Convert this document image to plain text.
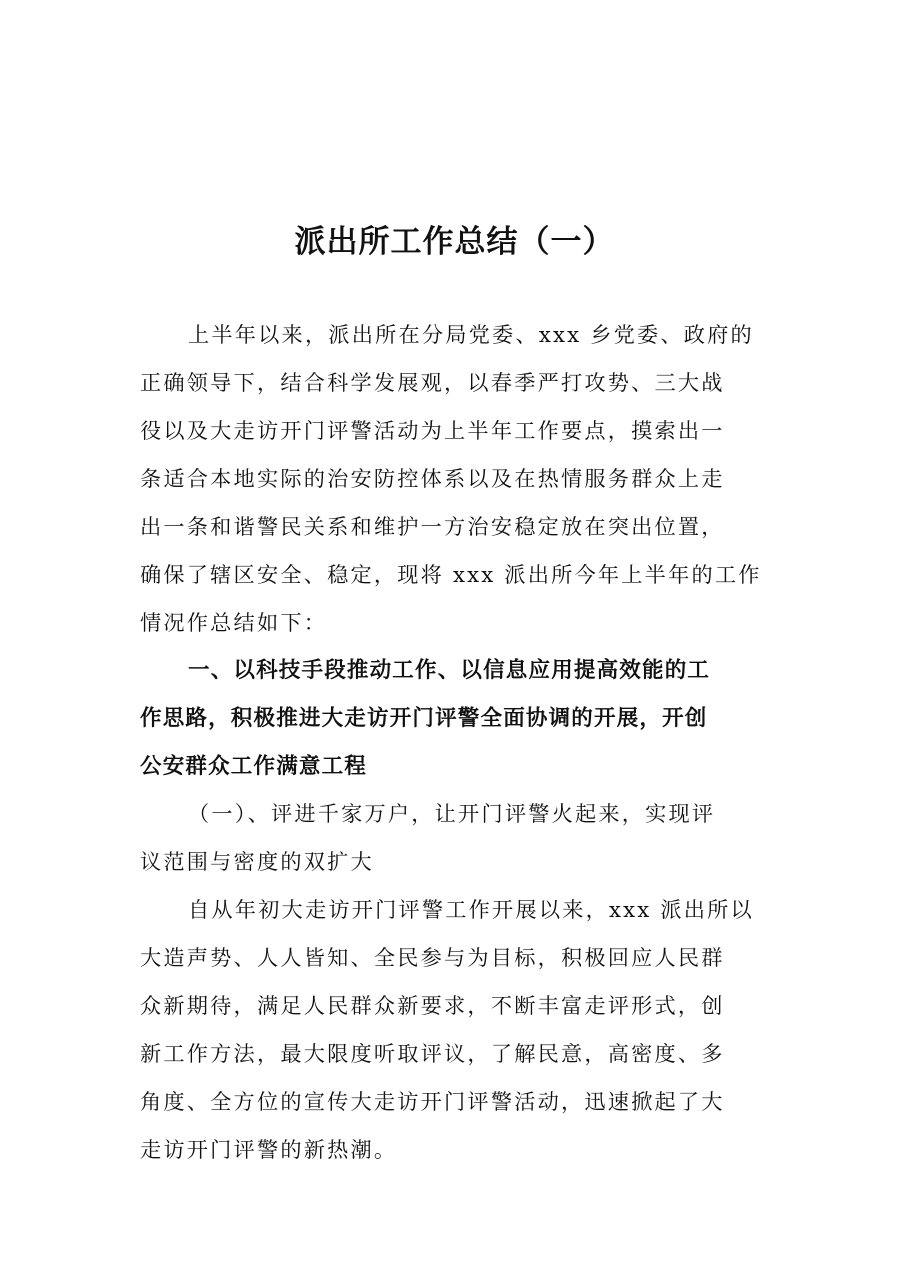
派出所工作总结（一）
上半年以来，派出所在分局党委、xxx 乡党委、政府的
正确领导下，结合科学发展观，以春季严打攻势、三大战
役以及大走访开门评警活动为上半年工作要点，摸索出一
条适合本地实际的治安防控体系以及在热情服务群众上走
出一条和谐警民关系和维护一方治安稳定放在突出位置，
确保了辖区安全、稳定，现将 xxx 派出所今年上半年的工作
情况作总结如下：
一、以科技手段推动工作、以信息应用提高效能的工
作思路，积极推进大走访开门评警全面协调的开展，开创
公安群众工作满意工程
（一）、评进千家万户，让开门评警火起来，实现评
议范围与密度的双扩大
自从年初大走访开门评警工作开展以来，xxx 派出所以
大造声势、人人皆知、全民参与为目标，积极回应人民群
众新期待，满足人民群众新要求，不断丰富走评形式，创
新工作方法，最大限度听取评议，了解民意，高密度、多
角度、全方位的宣传大走访开门评警活动，迅速掀起了大
走访开门评警的新热潮。
